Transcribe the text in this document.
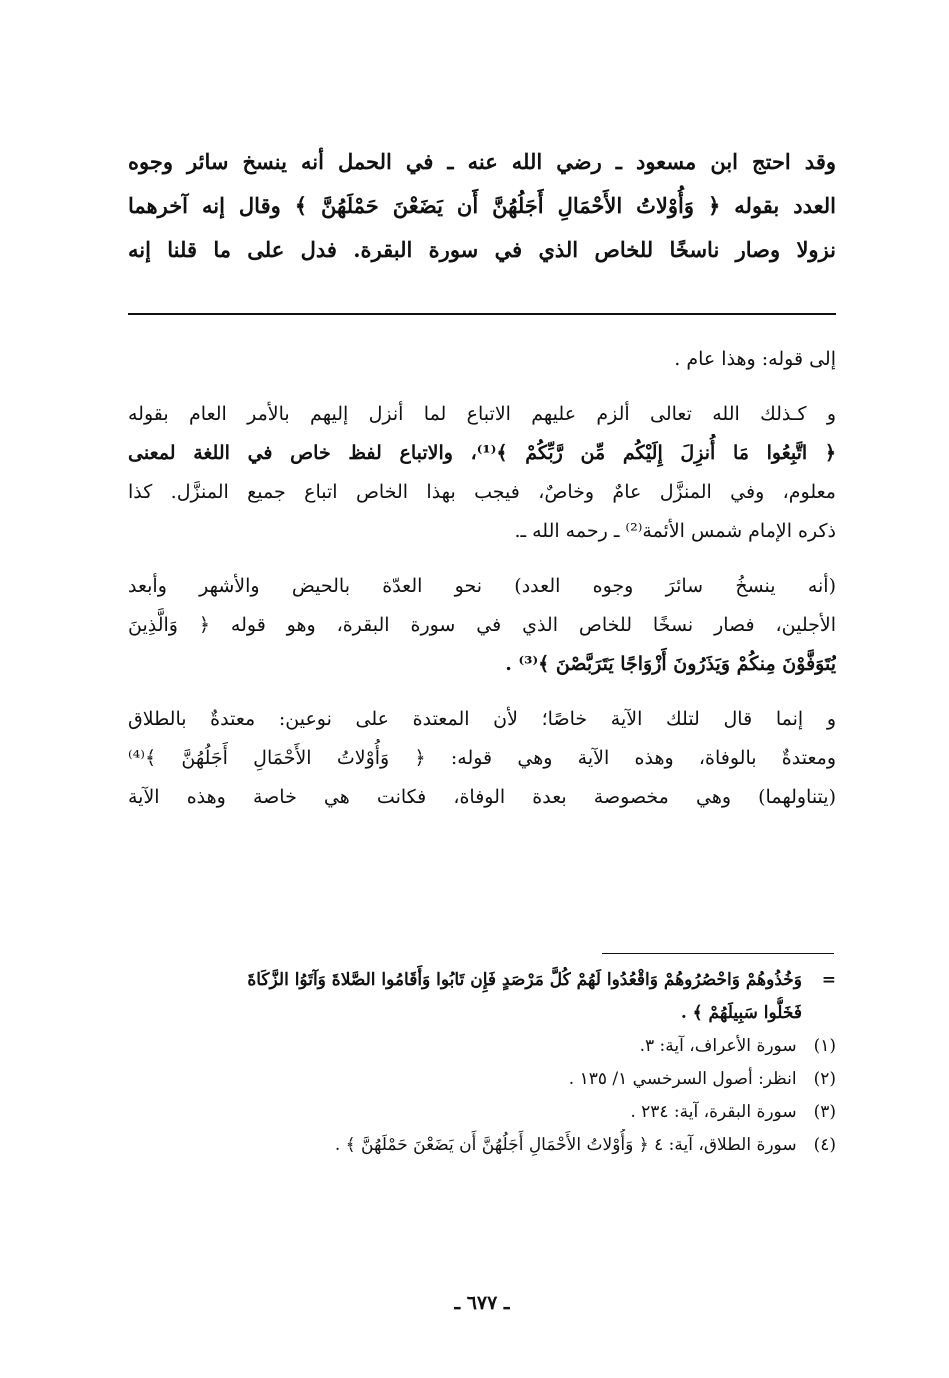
وقد احتج ابن مسعود ـ رضي الله عنه ـ في الحمل أنه ينسخ سائر وجوه
العدد بقوله ﴿ وَأُوْلاتُ الأَحْمَالِ أَجَلُهُنَّ أَن يَضَعْنَ حَمْلَهُنَّ ﴾ وقال إنه آخرهما
نزولا وصار ناسخًا للخاص الذي في سورة البقرة. فدل على ما قلنا إنه
إلى قوله: وهذا عام .
و كـذلك الله تعالى ألزم عليهم الاتباع لما أنزل إليهم بالأمر العام بقوله
﴿ اتَّبِعُوا مَا أُنزِلَ إِلَيْكُم مِّن رَّبِّكُمْ ﴾⁽¹⁾، والاتباع لفظ خاص في اللغة لمعنى
معلوم، وفي المنزَّل عامٌ وخاصٌ، فيجب بهذا الخاص اتباع جميع المنزَّل. كذا
ذكره الإمام شمس الأئمة⁽²⁾ ـ رحمه الله ـ.
(أنه ينسخُ سائرَ وجوه العدد) نحو العدّة بالحيض والأشهر وأبعد
الأجلين، فصار نسخًا للخاص الذي في سورة البقرة، وهو قوله ﴿ وَالَّذِينَ
يُتَوَفَّوْنَ مِنكُمْ وَيَذَرُونَ أَزْوَاجًا يَتَرَبَّصْنَ ﴾⁽³⁾ .
و إنما قال لتلك الآية خاصًا؛ لأن المعتدة على نوعين: معتدةٌ بالطلاق
ومعتدةٌ بالوفاة، وهذه الآية وهي قوله: ﴿ وَأُوْلاتُ الأَحْمَالِ أَجَلُهُنَّ ﴾⁽⁴⁾
(يتناولهما) وهي مخصوصة بعدة الوفاة، فكانت هي خاصة وهذه الآية
=وَخُذُوهُمْ وَاحْصُرُوهُمْ وَاقْعُدُوا لَهُمْ كُلَّ مَرْصَدٍ فَإِن تَابُوا وَأَقَامُوا الصَّلاةَ وَآتَوُا الزَّكَاةَ
فَخَلُّوا سَبِيلَهُمْ ﴾ .
(١) سورة الأعراف، آية: ٣.
(٢) انظر: أصول السرخسي ١/ ١٣٥ .
(٣) سورة البقرة، آية: ٢٣٤ .
(٤) سورة الطلاق، آية: ٤ ﴿ وَأُوْلاتُ الأَحْمَالِ أَجَلُهُنَّ أَن يَضَعْنَ حَمْلَهُنَّ ﴾ .
ـ ٦٧٧ ـ
